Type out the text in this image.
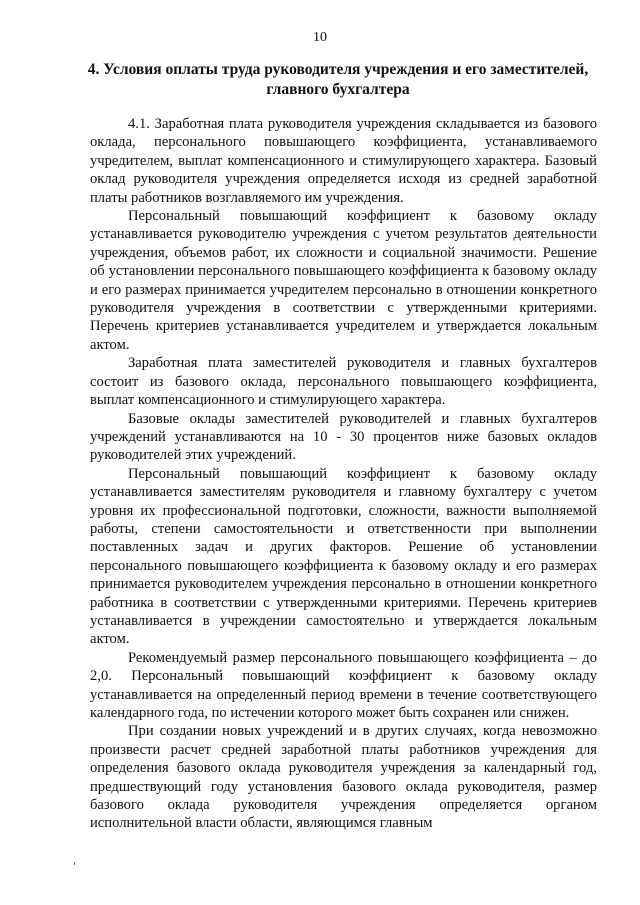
10
4. Условия оплаты труда руководителя учреждения и его заместителей, главного бухгалтера

4.1. Заработная плата руководителя учреждения складывается из базового оклада, персонального повышающего коэффициента, устанавливаемого учредителем, выплат компенсационного и стимулирующего характера. Базовый оклад руководителя учреждения определяется исходя из средней заработной платы работников возглавляемого им учреждения.

Персональный повышающий коэффициент к базовому окладу устанавливается руководителю учреждения с учетом результатов деятельности учреждения, объемов работ, их сложности и социальной значимости. Решение об установлении персонального повышающего коэффициента к базовому окладу и его размерах принимается учредителем персонально в отношении конкретного руководителя учреждения в соответствии с утвержденными критериями. Перечень критериев устанавливается учредителем и утверждается локальным актом.

Заработная плата заместителей руководителя и главных бухгалтеров состоит из базового оклада, персонального повышающего коэффициента, выплат компенсационного и стимулирующего характера.

Базовые оклады заместителей руководителей и главных бухгалтеров учреждений устанавливаются на 10 - 30 процентов ниже базовых окладов руководителей этих учреждений.

Персональный повышающий коэффициент к базовому окладу устанавливается заместителям руководителя и главному бухгалтеру с учетом уровня их профессиональной подготовки, сложности, важности выполняемой работы, степени самостоятельности и ответственности при выполнении поставленных задач и других факторов. Решение об установлении персонального повышающего коэффициента к базовому окладу и его размерах принимается руководителем учреждения персонально в отношении конкретного работника в соответствии с утвержденными критериями. Перечень критериев устанавливается в учреждении самостоятельно и утверждается локальным актом.

Рекомендуемый размер персонального повышающего коэффициента – до 2,0. Персональный повышающий коэффициент к базовому окладу устанавливается на определенный период времени в течение соответствующего календарного года, по истечении которого может быть сохранен или снижен.

При создании новых учреждений и в других случаях, когда невозможно произвести расчет средней заработной платы работников учреждения для определения базового оклада руководителя учреждения за календарный год, предшествующий году установления базового оклада руководителя, размер базового оклада руководителя учреждения определяется органом исполнительной власти области, являющимся главным
